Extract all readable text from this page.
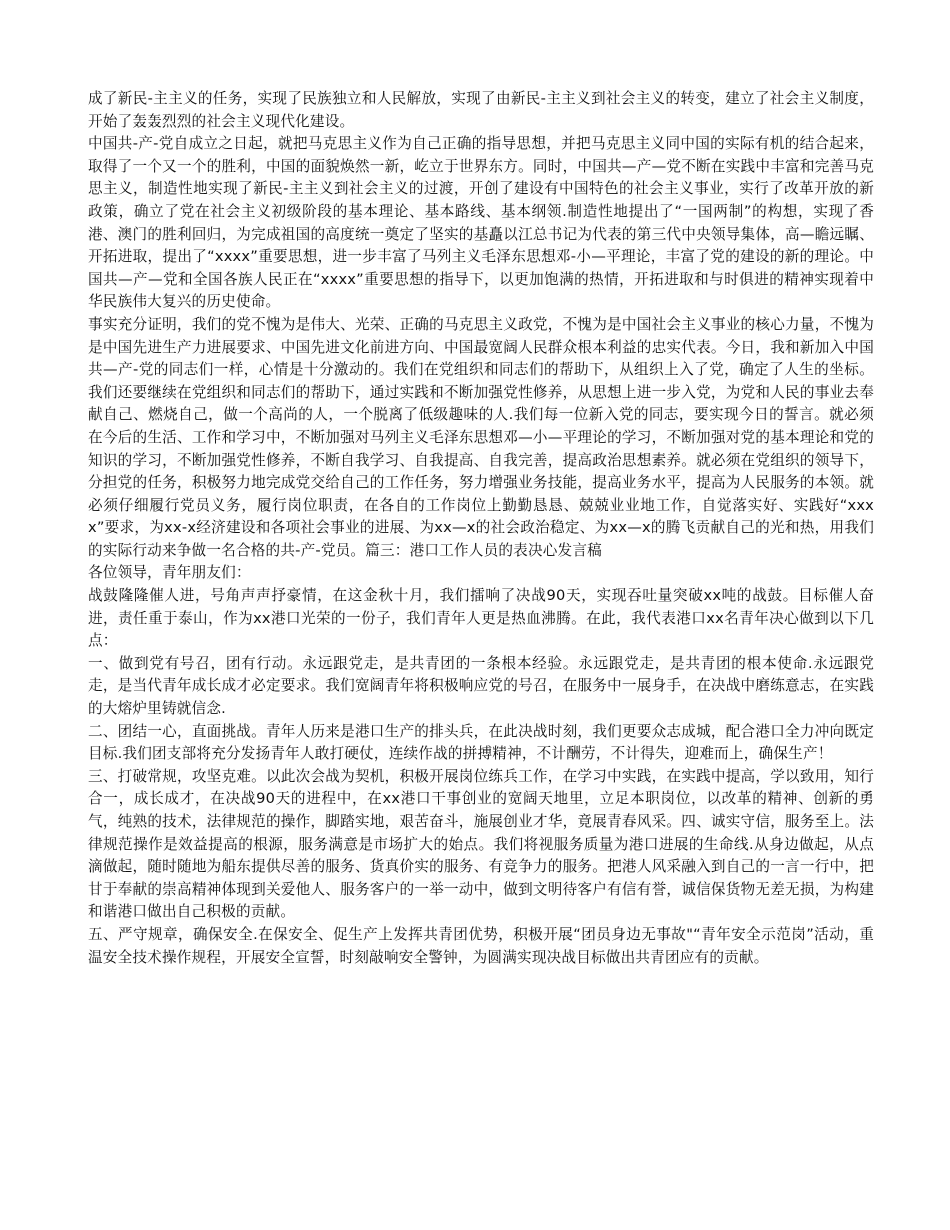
成了新民-主主义的任务，实现了民族独立和人民解放，实现了由新民-主主义到社会主义的转变，建立了社会主义制度，开始了轰轰烈烈的社会主义现代化建设。

中国共-产-党自成立之日起，就把马克思主义作为自己正确的指导思想，并把马克思主义同中国的实际有机的结合起来，取得了一个又一个的胜利，中国的面貌焕然一新，屹立于世界东方。同时，中国共—产—党不断在实践中丰富和完善马克思主义，制造性地实现了新民-主主义到社会主义的过渡，开创了建设有中国特色的社会主义事业，实行了改革开放的新政策，确立了党在社会主义初级阶段的基本理论、基本路线、基本纲领.制造性地提出了“一国两制”的构想，实现了香港、澳门的胜利回归，为完成祖国的高度统一奠定了坚实的基矗以江总书记为代表的第三代中央领导集体，高—瞻远瞩、开拓进取，提出了“xxxx”重要思想，进一步丰富了马列主义毛泽东思想邓-小—平理论，丰富了党的建设的新的理论。中国共—产—党和全国各族人民正在“xxxx”重要思想的指导下，以更加饱满的热情，开拓进取和与时俱进的精神实现着中华民族伟大复兴的历史使命。

事实充分证明，我们的党不愧为是伟大、光荣、正确的马克思主义政党，不愧为是中国社会主义事业的核心力量，不愧为是中国先进生产力进展要求、中国先进文化前进方向、中国最宽阔人民群众根本利益的忠实代表。今日，我和新加入中国共—产-党的同志们一样，心情是十分激动的。我们在党组织和同志们的帮助下，从组织上入了党，确定了人生的坐标。我们还要继续在党组织和同志们的帮助下，通过实践和不断加强党性修养，从思想上进一步入党，为党和人民的事业去奉献自己、燃烧自己，做一个高尚的人，一个脱离了低级趣味的人.我们每一位新入党的同志，要实现今日的誓言。就必须在今后的生活、工作和学习中，不断加强对马列主义毛泽东思想邓—小—平理论的学习，不断加强对党的基本理论和党的知识的学习，不断加强党性修养，不断自我学习、自我提高、自我完善，提高政治思想素养。就必须在党组织的领导下，分担党的任务，积极努力地完成党交给自己的工作任务，努力增强业务技能，提高业务水平，提高为人民服务的本领。就必须仔细履行党员义务，履行岗位职责，在各自的工作岗位上勤勤恳恳、兢兢业业地工作，自觉落实好、实践好“xxxx”要求，为xx-x经济建设和各项社会事业的进展、为xx—x的社会政治稳定、为xx—x的腾飞贡献自己的光和热，用我们的实际行动来争做一名合格的共-产-党员。篇三：港口工作人员的表决心发言稿

各位领导，青年朋友们：

战鼓隆隆催人进，号角声声抒豪情，在这金秋十月，我们擂响了决战90天，实现吞吐量突破xx吨的战鼓。目标催人奋进，责任重于泰山，作为xx港口光荣的一份子，我们青年人更是热血沸腾。在此，我代表港口xx名青年决心做到以下几点：

一、做到党有号召，团有行动。永远跟党走，是共青团的一条根本经验。永远跟党走，是共青团的根本使命.永远跟党走，是当代青年成长成才必定要求。我们宽阔青年将积极响应党的号召，在服务中一展身手，在决战中磨练意志，在实践的大熔炉里铸就信念.

二、团结一心，直面挑战。青年人历来是港口生产的排头兵，在此决战时刻，我们更要众志成城，配合港口全力冲向既定目标.我们团支部将充分发扬青年人敢打硬仗，连续作战的拼搏精神，不计酬劳，不计得失，迎难而上，确保生产！

三、打破常规，攻坚克难。以此次会战为契机，积极开展岗位练兵工作，在学习中实践，在实践中提高，学以致用，知行合一，成长成才，在决战90天的进程中，在xx港口干事创业的宽阔天地里，立足本职岗位，以改革的精神、创新的勇气，纯熟的技术，法律规范的操作，脚踏实地，艰苦奋斗，施展创业才华，竟展青春风采。四、诚实守信，服务至上。法律规范操作是效益提高的根源，服务满意是市场扩大的始点。我们将视服务质量为港口进展的生命线.从身边做起，从点滴做起，随时随地为船东提供尽善的服务、货真价实的服务、有竞争力的服务。把港人风采融入到自己的一言一行中，把甘于奉献的崇高精神体现到关爱他人、服务客户的一举一动中，做到文明待客户有信有誉，诚信保货物无差无损，为构建和谐港口做出自己积极的贡献。

五、严守规章，确保安全.在保安全、促生产上发挥共青团优势，积极开展“团员身边无事故"“青年安全示范岗”活动，重温安全技术操作规程，开展安全宣誓，时刻敲响安全警钟，为圆满实现决战目标做出共青团应有的贡献。
